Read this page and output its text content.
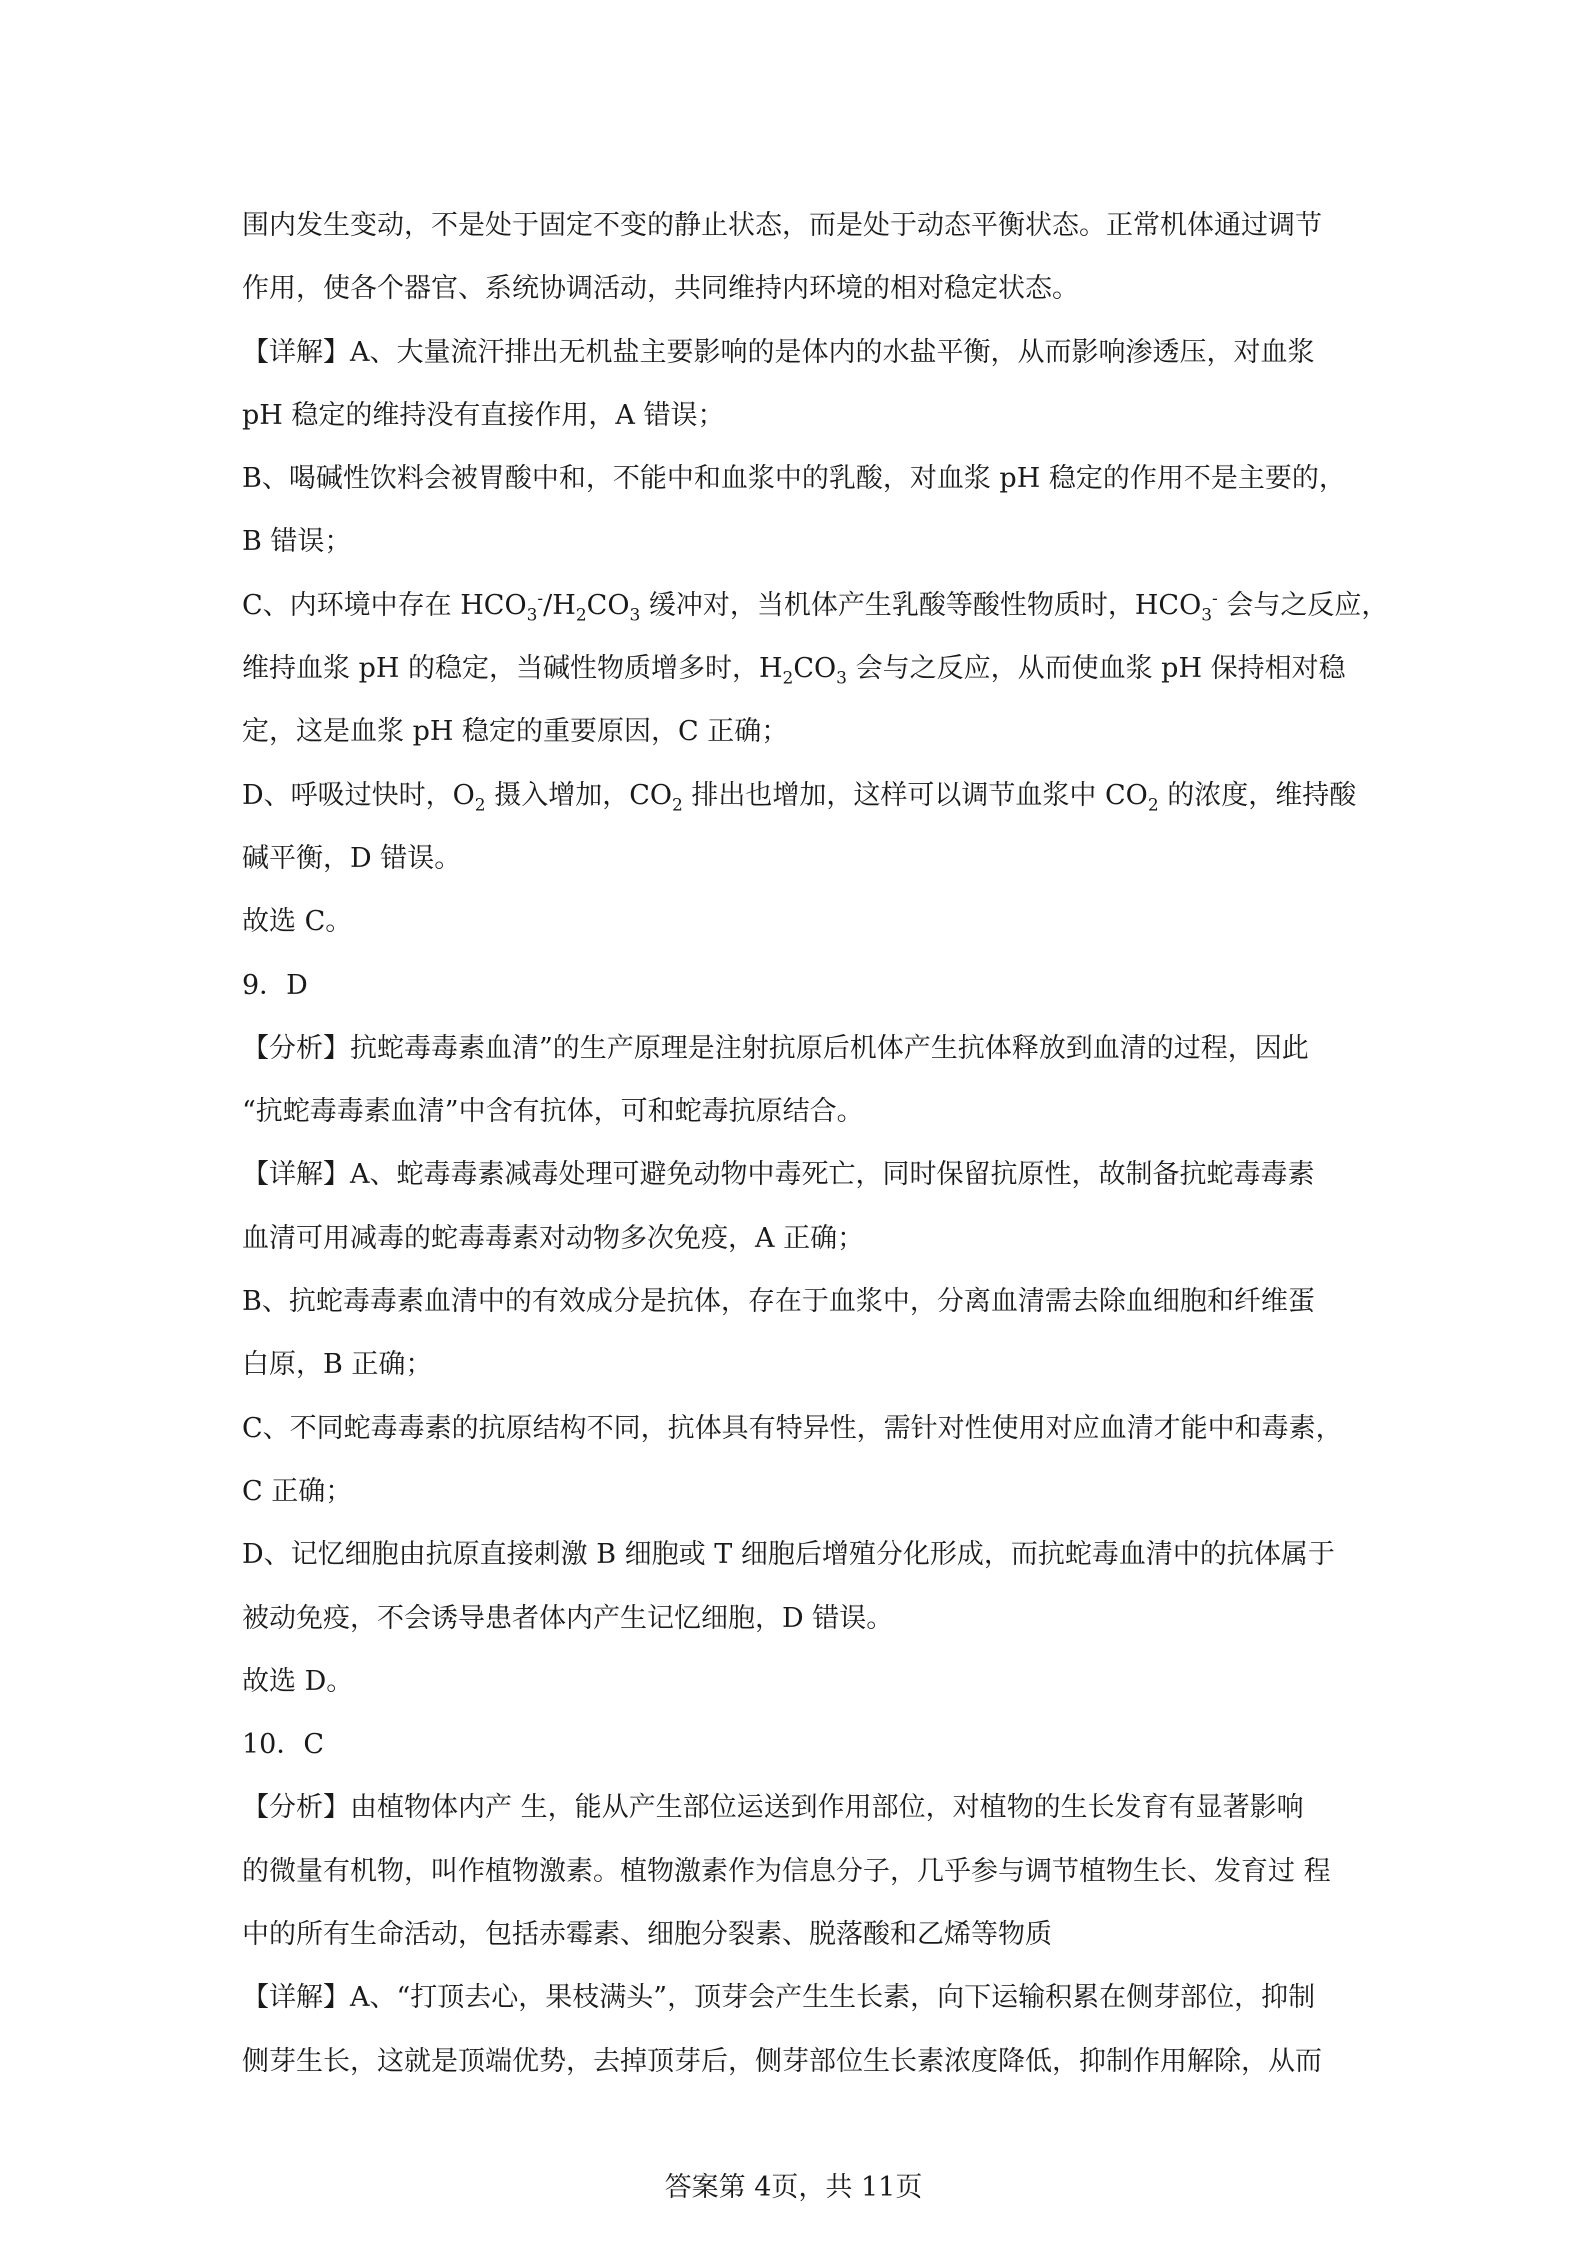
围内发生变动，不是处于固定不变的静止状态，而是处于动态平衡状态。正常机体通过调节
作用，使各个器官、系统协调活动，共同维持内环境的相对稳定状态。
【详解】A、大量流汗排出无机盐主要影响的是体内的水盐平衡，从而影响渗透压，对血浆
pH 稳定的维持没有直接作用，A 错误；
B、喝碱性饮料会被胃酸中和，不能中和血浆中的乳酸，对血浆 pH 稳定的作用不是主要的，
B 错误；
C、内环境中存在 $HCO_3^-/H_2CO_3$ 缓冲对，当机体产生乳酸等酸性物质时，$HCO_3^-$ 会与之反应，
维持血浆 pH 的稳定，当碱性物质增多时，$H_2CO_3$ 会与之反应，从而使血浆 pH 保持相对稳
定，这是血浆 pH 稳定的重要原因，C 正确；
D、呼吸过快时，$O_2$ 摄入增加，$CO_2$ 排出也增加，这样可以调节血浆中 $CO_2$ 的浓度，维持酸
碱平衡，D 错误。
故选 C。
9．D
【分析】抗蛇毒毒素血清”的生产原理是注射抗原后机体产生抗体释放到血清的过程，因此
“抗蛇毒毒素血清”中含有抗体，可和蛇毒抗原结合。
【详解】A、蛇毒毒素减毒处理可避免动物中毒死亡，同时保留抗原性，故制备抗蛇毒毒素
血清可用减毒的蛇毒毒素对动物多次免疫，A 正确；
B、抗蛇毒毒素血清中的有效成分是抗体，存在于血浆中，分离血清需去除血细胞和纤维蛋
白原，B 正确；
C、不同蛇毒毒素的抗原结构不同，抗体具有特异性，需针对性使用对应血清才能中和毒素，
C 正确；
D、记忆细胞由抗原直接刺激 B 细胞或 T 细胞后增殖分化形成，而抗蛇毒血清中的抗体属于
被动免疫，不会诱导患者体内产生记忆细胞，D 错误。
故选 D。
10．C
【分析】由植物体内产 生，能从产生部位运送到作用部位，对植物的生长发育有显著影响
的微量有机物，叫作植物激素。植物激素作为信息分子，几乎参与调节植物生长、发育过 程
中的所有生命活动，包括赤霉素、细胞分裂素、脱落酸和乙烯等物质
【详解】A、“打顶去心，果枝满头”，顶芽会产生生长素，向下运输积累在侧芽部位，抑制
侧芽生长，这就是顶端优势，去掉顶芽后，侧芽部位生长素浓度降低，抑制作用解除，从而
答案第 4页，共 11页
